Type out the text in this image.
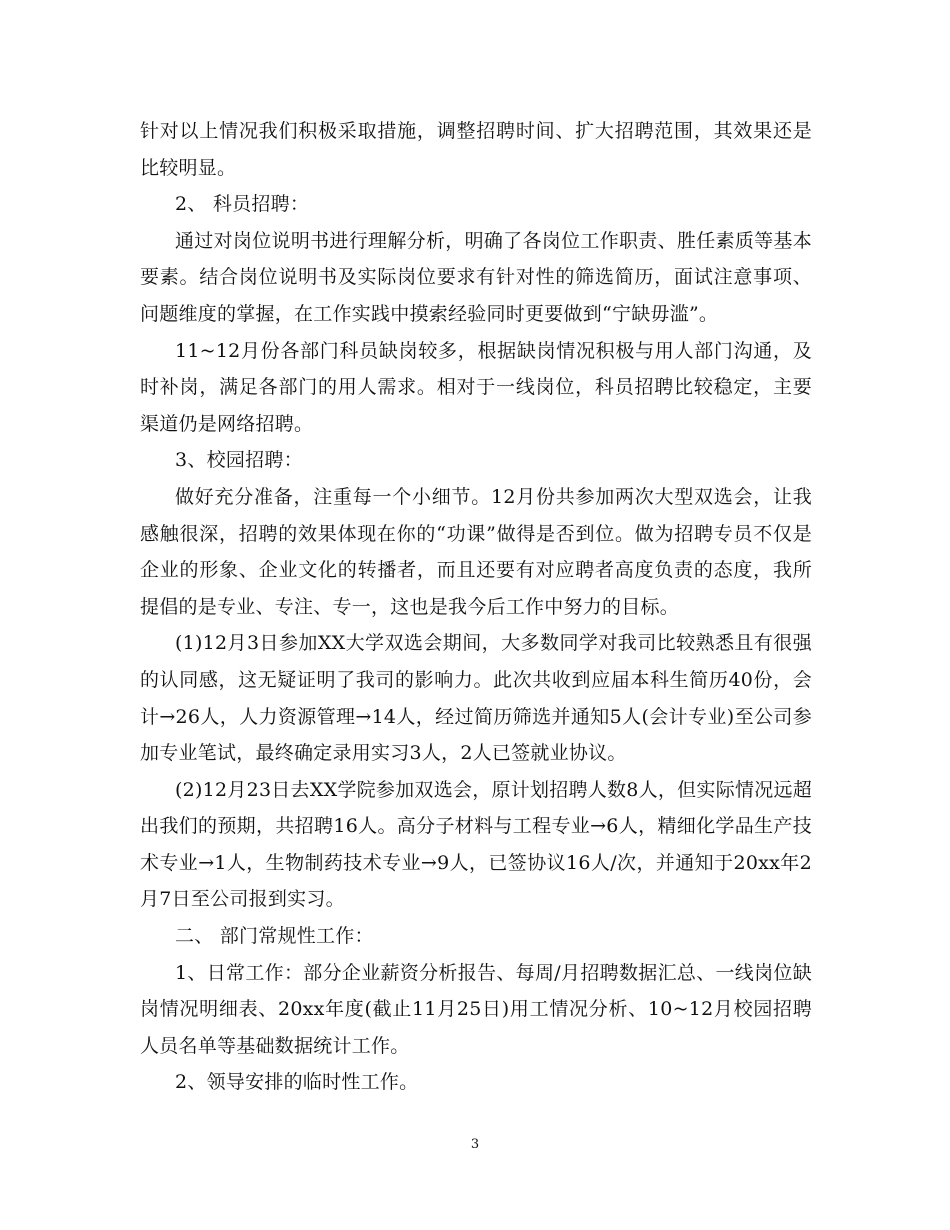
针对以上情况我们积极采取措施，调整招聘时间、扩大招聘范围，其效果还是比较明显。

2、 科员招聘：

通过对岗位说明书进行理解分析，明确了各岗位工作职责、胜任素质等基本要素。结合岗位说明书及实际岗位要求有针对性的筛选简历，面试注意事项、问题维度的掌握，在工作实践中摸索经验同时更要做到“宁缺毋滥”。

11~12月份各部门科员缺岗较多，根据缺岗情况积极与用人部门沟通，及时补岗，满足各部门的用人需求。相对于一线岗位，科员招聘比较稳定，主要渠道仍是网络招聘。

3、校园招聘：

做好充分准备，注重每一个小细节。12月份共参加两次大型双选会，让我感触很深，招聘的效果体现在你的“功课”做得是否到位。做为招聘专员不仅是企业的形象、企业文化的转播者，而且还要有对应聘者高度负责的态度，我所提倡的是专业、专注、专一，这也是我今后工作中努力的目标。

(1)12月3日参加XX大学双选会期间，大多数同学对我司比较熟悉且有很强的认同感，这无疑证明了我司的影响力。此次共收到应届本科生简历40份，会计→26人，人力资源管理→14人，经过简历筛选并通知5人(会计专业)至公司参加专业笔试，最终确定录用实习3人，2人已签就业协议。

(2)12月23日去XX学院参加双选会，原计划招聘人数8人，但实际情况远超出我们的预期，共招聘16人。高分子材料与工程专业→6人，精细化学品生产技术专业→1人，生物制药技术专业→9人，已签协议16人/次，并通知于20xx年2月7日至公司报到实习。

二、 部门常规性工作：

1、日常工作：部分企业薪资分析报告、每周/月招聘数据汇总、一线岗位缺岗情况明细表、20xx年度(截止11月25日)用工情况分析、10~12月校园招聘人员名单等基础数据统计工作。

2、领导安排的临时性工作。

3
